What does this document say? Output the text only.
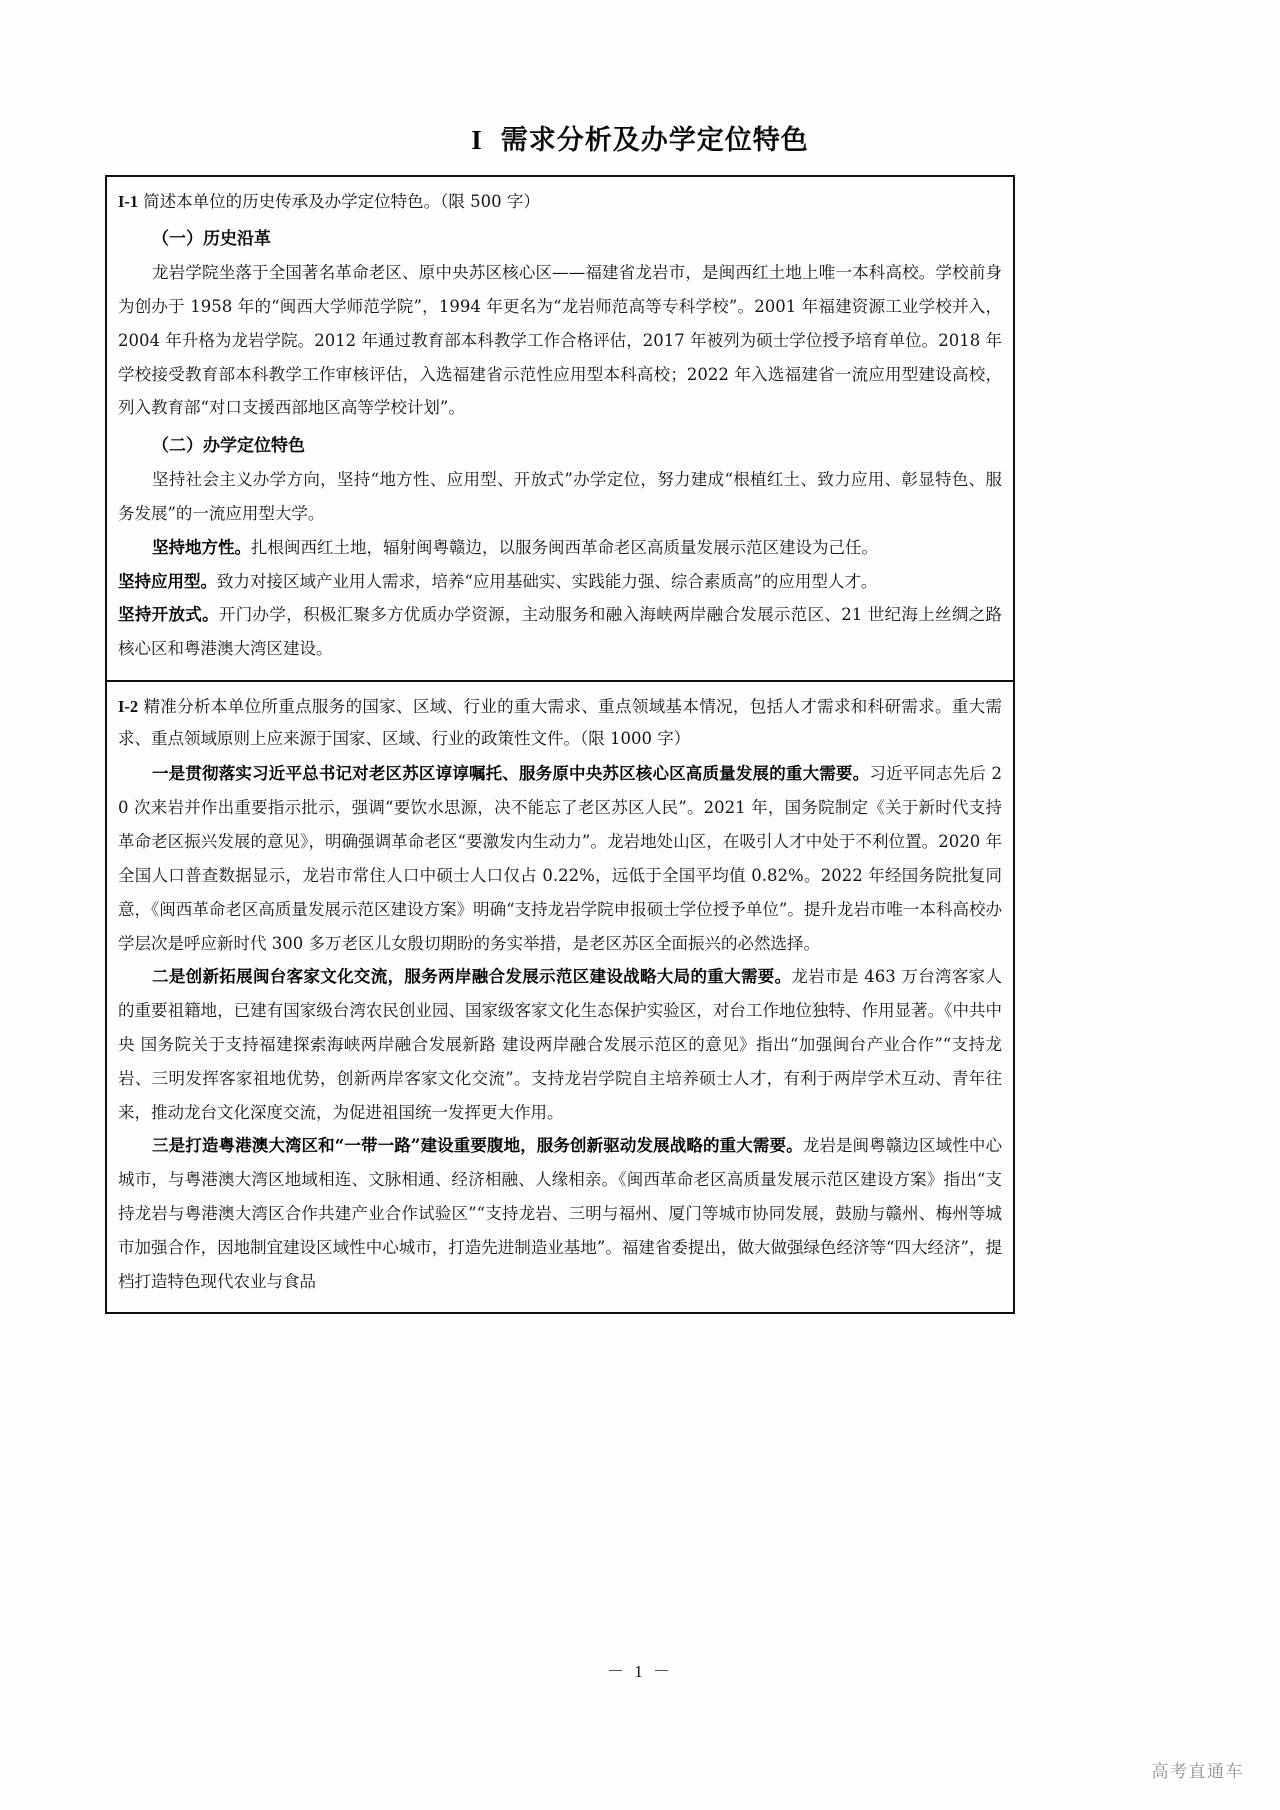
I 需求分析及办学定位特色

I-1 简述本单位的历史传承及办学定位特色。（限 500 字）

（一）历史沿革

龙岩学院坐落于全国著名革命老区、原中央苏区核心区——福建省龙岩市，是闽西红土地上唯一本科高校。学校前身为创办于 1958 年的“闽西大学师范学院”，1994 年更名为“龙岩师范高等专科学校”。2001 年福建资源工业学校并入，2004 年升格为龙岩学院。2012 年通过教育部本科教学工作合格评估，2017 年被列为硕士学位授予培育单位。2018 年学校接受教育部本科教学工作审核评估，入选福建省示范性应用型本科高校；2022 年入选福建省一流应用型建设高校，列入教育部“对口支援西部地区高等学校计划”。

（二）办学定位特色

坚持社会主义办学方向，坚持“地方性、应用型、开放式”办学定位，努力建成“根植红土、致力应用、彰显特色、服务发展”的一流应用型大学。

坚持地方性。扎根闽西红土地，辐射闽粤赣边，以服务闽西革命老区高质量发展示范区建设为己任。

坚持应用型。致力对接区域产业用人需求，培养“应用基础实、实践能力强、综合素质高”的应用型人才。

坚持开放式。开门办学，积极汇聚多方优质办学资源，主动服务和融入海峡两岸融合发展示范区、21 世纪海上丝绸之路核心区和粤港澳大湾区建设。

I-2 精准分析本单位所重点服务的国家、区域、行业的重大需求、重点领域基本情况，包括人才需求和科研需求。重大需求、重点领域原则上应来源于国家、区域、行业的政策性文件。（限 1000 字）

一是贯彻落实习近平总书记对老区苏区谆谆嘱托、服务原中央苏区核心区高质量发展的重大需要。习近平同志先后 20 次来岩并作出重要指示批示，强调“要饮水思源，决不能忘了老区苏区人民”。2021 年，国务院制定《关于新时代支持革命老区振兴发展的意见》，明确强调革命老区“要激发内生动力”。龙岩地处山区，在吸引人才中处于不利位置。2020 年全国人口普查数据显示，龙岩市常住人口中硕士人口仅占 0.22%，远低于全国平均值 0.82%。2022 年经国务院批复同意，《闽西革命老区高质量发展示范区建设方案》明确“支持龙岩学院申报硕士学位授予单位”。提升龙岩市唯一本科高校办学层次是呼应新时代 300 多万老区儿女殷切期盼的务实举措，是老区苏区全面振兴的必然选择。

二是创新拓展闽台客家文化交流，服务两岸融合发展示范区建设战略大局的重大需要。龙岩市是 463 万台湾客家人的重要祖籍地，已建有国家级台湾农民创业园、国家级客家文化生态保护实验区，对台工作地位独特、作用显著。《中共中央 国务院关于支持福建探索海峡两岸融合发展新路 建设两岸融合发展示范区的意见》指出“加强闽台产业合作”“支持龙岩、三明发挥客家祖地优势，创新两岸客家文化交流”。支持龙岩学院自主培养硕士人才，有利于两岸学术互动、青年往来，推动龙台文化深度交流，为促进祖国统一发挥更大作用。

三是打造粤港澳大湾区和“一带一路”建设重要腹地，服务创新驱动发展战略的重大需要。龙岩是闽粤赣边区域性中心城市，与粤港澳大湾区地域相连、文脉相通、经济相融、人缘相亲。《闽西革命老区高质量发展示范区建设方案》指出“支持龙岩与粤港澳大湾区合作共建产业合作试验区”“支持龙岩、三明与福州、厦门等城市协同发展，鼓励与赣州、梅州等城市加强合作，因地制宜建设区域性中心城市，打造先进制造业基地”。福建省委提出，做大做强绿色经济等“四大经济”，提档打造特色现代农业与食品

－ 1 －
高考直通车
